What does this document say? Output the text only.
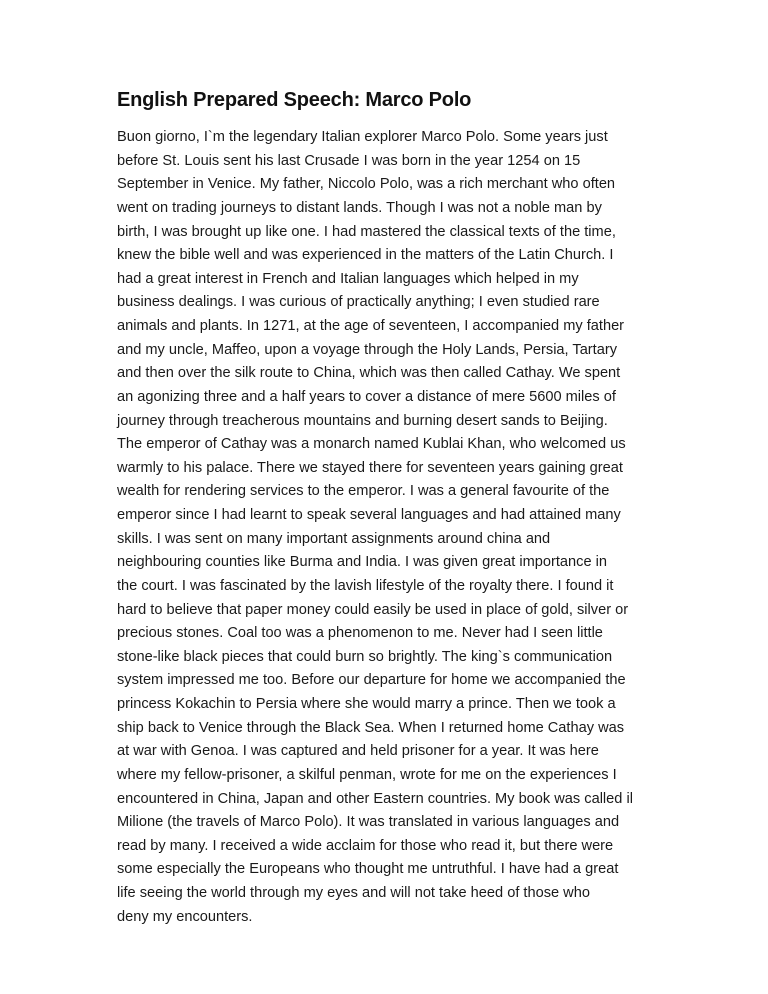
English Prepared Speech: Marco Polo
Buon giorno, I`m the legendary Italian explorer Marco Polo. Some years just
before St. Louis sent his last Crusade I was born in the year 1254 on 15
September in Venice. My father, Niccolo Polo, was a rich merchant who often
went on trading journeys to distant lands. Though I was not a noble man by
birth, I was brought up like one. I had mastered the classical texts of the time,
knew the bible well and was experienced in the matters of the Latin Church. I
had a great interest in French and Italian languages which helped in my
business dealings. I was curious of practically anything; I even studied rare
animals and plants. In 1271, at the age of seventeen, I accompanied my father
and my uncle, Maffeo, upon a voyage through the Holy Lands, Persia, Tartary
and then over the silk route to China, which was then called Cathay. We spent
an agonizing three and a half years to cover a distance of mere 5600 miles of
journey through treacherous mountains and burning desert sands to Beijing.
The emperor of Cathay was a monarch named Kublai Khan, who welcomed us
warmly to his palace. There we stayed there for seventeen years gaining great
wealth for rendering services to the emperor. I was a general favourite of the
emperor since I had learnt to speak several languages and had attained many
skills. I was sent on many important assignments around china and
neighbouring counties like Burma and India. I was given great importance in
the court. I was fascinated by the lavish lifestyle of the royalty there. I found it
hard to believe that paper money could easily be used in place of gold, silver or
precious stones. Coal too was a phenomenon to me. Never had I seen little
stone-like black pieces that could burn so brightly. The king`s communication
system impressed me too. Before our departure for home we accompanied the
princess Kokachin to Persia where she would marry a prince. Then we took a
ship back to Venice through the Black Sea. When I returned home Cathay was
at war with Genoa. I was captured and held prisoner for a year. It was here
where my fellow-prisoner, a skilful penman, wrote for me on the experiences I
encountered in China, Japan and other Eastern countries. My book was called il
Milione (the travels of Marco Polo). It was translated in various languages and
read by many. I received a wide acclaim for those who read it, but there were
some especially the Europeans who thought me untruthful. I have had a great
life seeing the world through my eyes and will not take heed of those who
deny my encounters.
